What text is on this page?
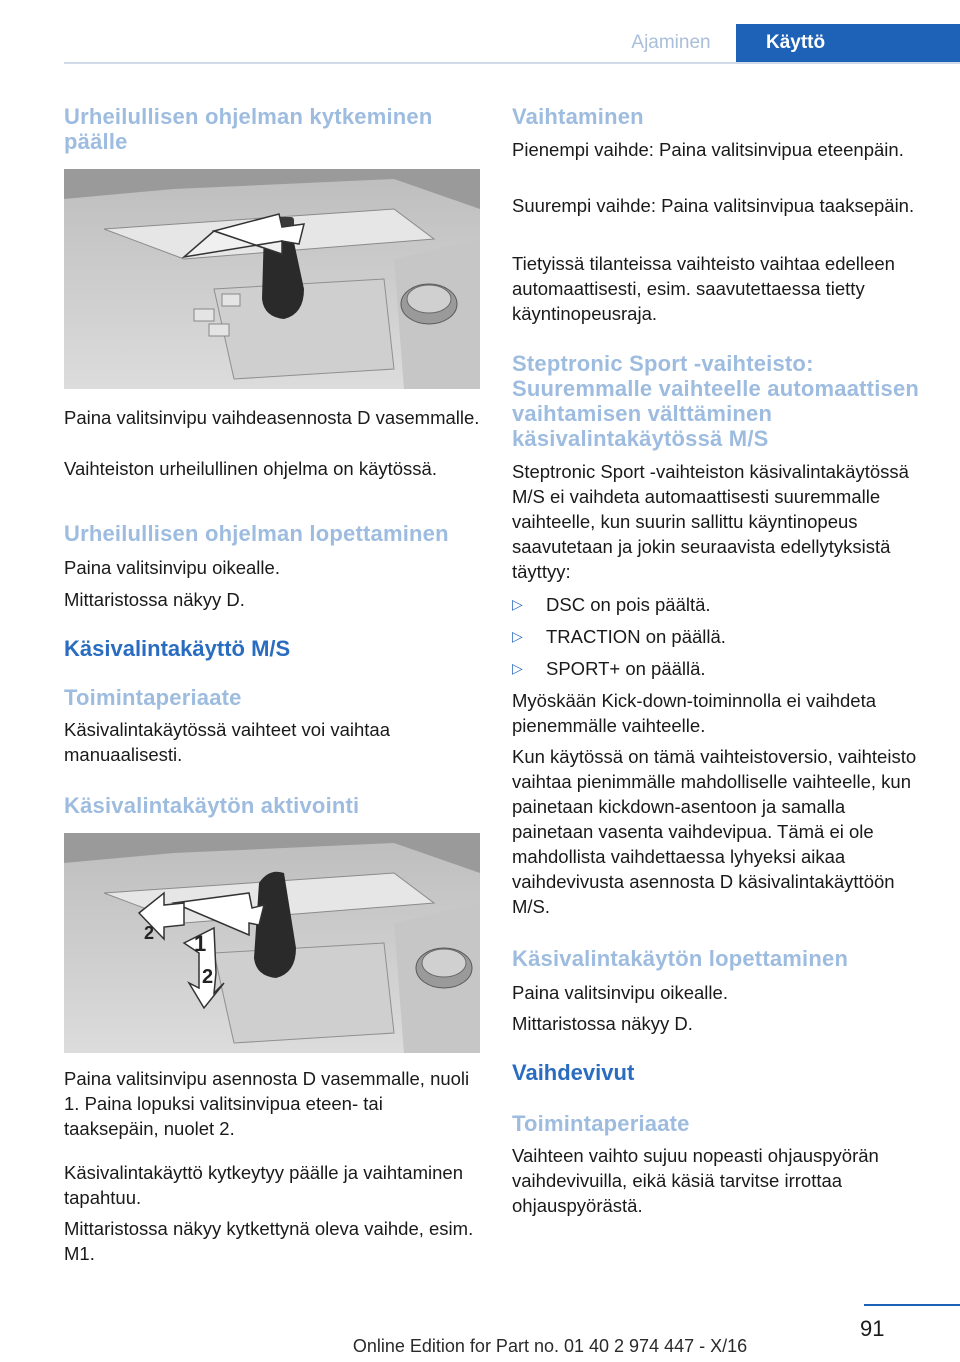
Ajaminen	Käyttö
Urheilullisen ohjelman kytkeminen päälle
Paina valitsinvipu vaihdeasennosta D vasemmalle.
Vaihteiston urheilullinen ohjelma on käytössä.
Urheilullisen ohjelman lopettaminen
Paina valitsinvipu oikealle.
Mittaristossa näkyy D.
Käsivalintakäyttö M/S
Toimintaperiaate
Käsivalintakäytössä vaihteet voi vaihtaa manuaalisesti.
Käsivalintakäytön aktivointi
1
2
2
Paina valitsinvipu asennosta D vasemmalle, nuoli 1. Paina lopuksi valitsinvipua eteen- tai taaksepäin, nuolet 2.
Käsivalintakäyttö kytkeytyy päälle ja vaihtaminen tapahtuu.
Mittaristossa näkyy kytkettynä oleva vaihde, esim. M1.
Vaihtaminen
Pienempi vaihde: Paina valitsinvipua eteenpäin.
Suurempi vaihde: Paina valitsinvipua taaksepäin.
Tietyissä tilanteissa vaihteisto vaihtaa edelleen automaattisesti, esim. saavutettaessa tietty käyntinopeusraja.
Steptronic Sport -vaihteisto: Suuremmalle vaihteelle automaattisen vaihtamisen välttäminen käsivalintakäytössä M/S
Steptronic Sport -vaihteiston käsivalintakäytössä M/S ei vaihdeta automaattisesti suuremmalle vaihteelle, kun suurin sallittu käyntinopeus saavutetaan ja jokin seuraavista edellytyksistä täyttyy:
▷	DSC on pois päältä.
▷	TRACTION on päällä.
▷	SPORT+ on päällä.
Myöskään Kick-down-toiminnolla ei vaihdeta pienemmälle vaihteelle.
Kun käytössä on tämä vaihteistoversio, vaihteisto vaihtaa pienimmälle mahdolliselle vaihteelle, kun painetaan kickdown-asentoon ja samalla painetaan vasenta vaihdevipua. Tämä ei ole mahdollista vaihdettaessa lyhyeksi aikaa vaihdevivusta asennosta D käsivalintakäyttöön M/S.
Käsivalintakäytön lopettaminen
Paina valitsinvipu oikealle.
Mittaristossa näkyy D.
Vaihdevivut
Toimintaperiaate
Vaihteen vaihto sujuu nopeasti ohjauspyörän vaihdevivuilla, eikä käsiä tarvitse irrottaa ohjauspyörästä.
91
Online Edition for Part no. 01 40 2 974 447 - X/16
